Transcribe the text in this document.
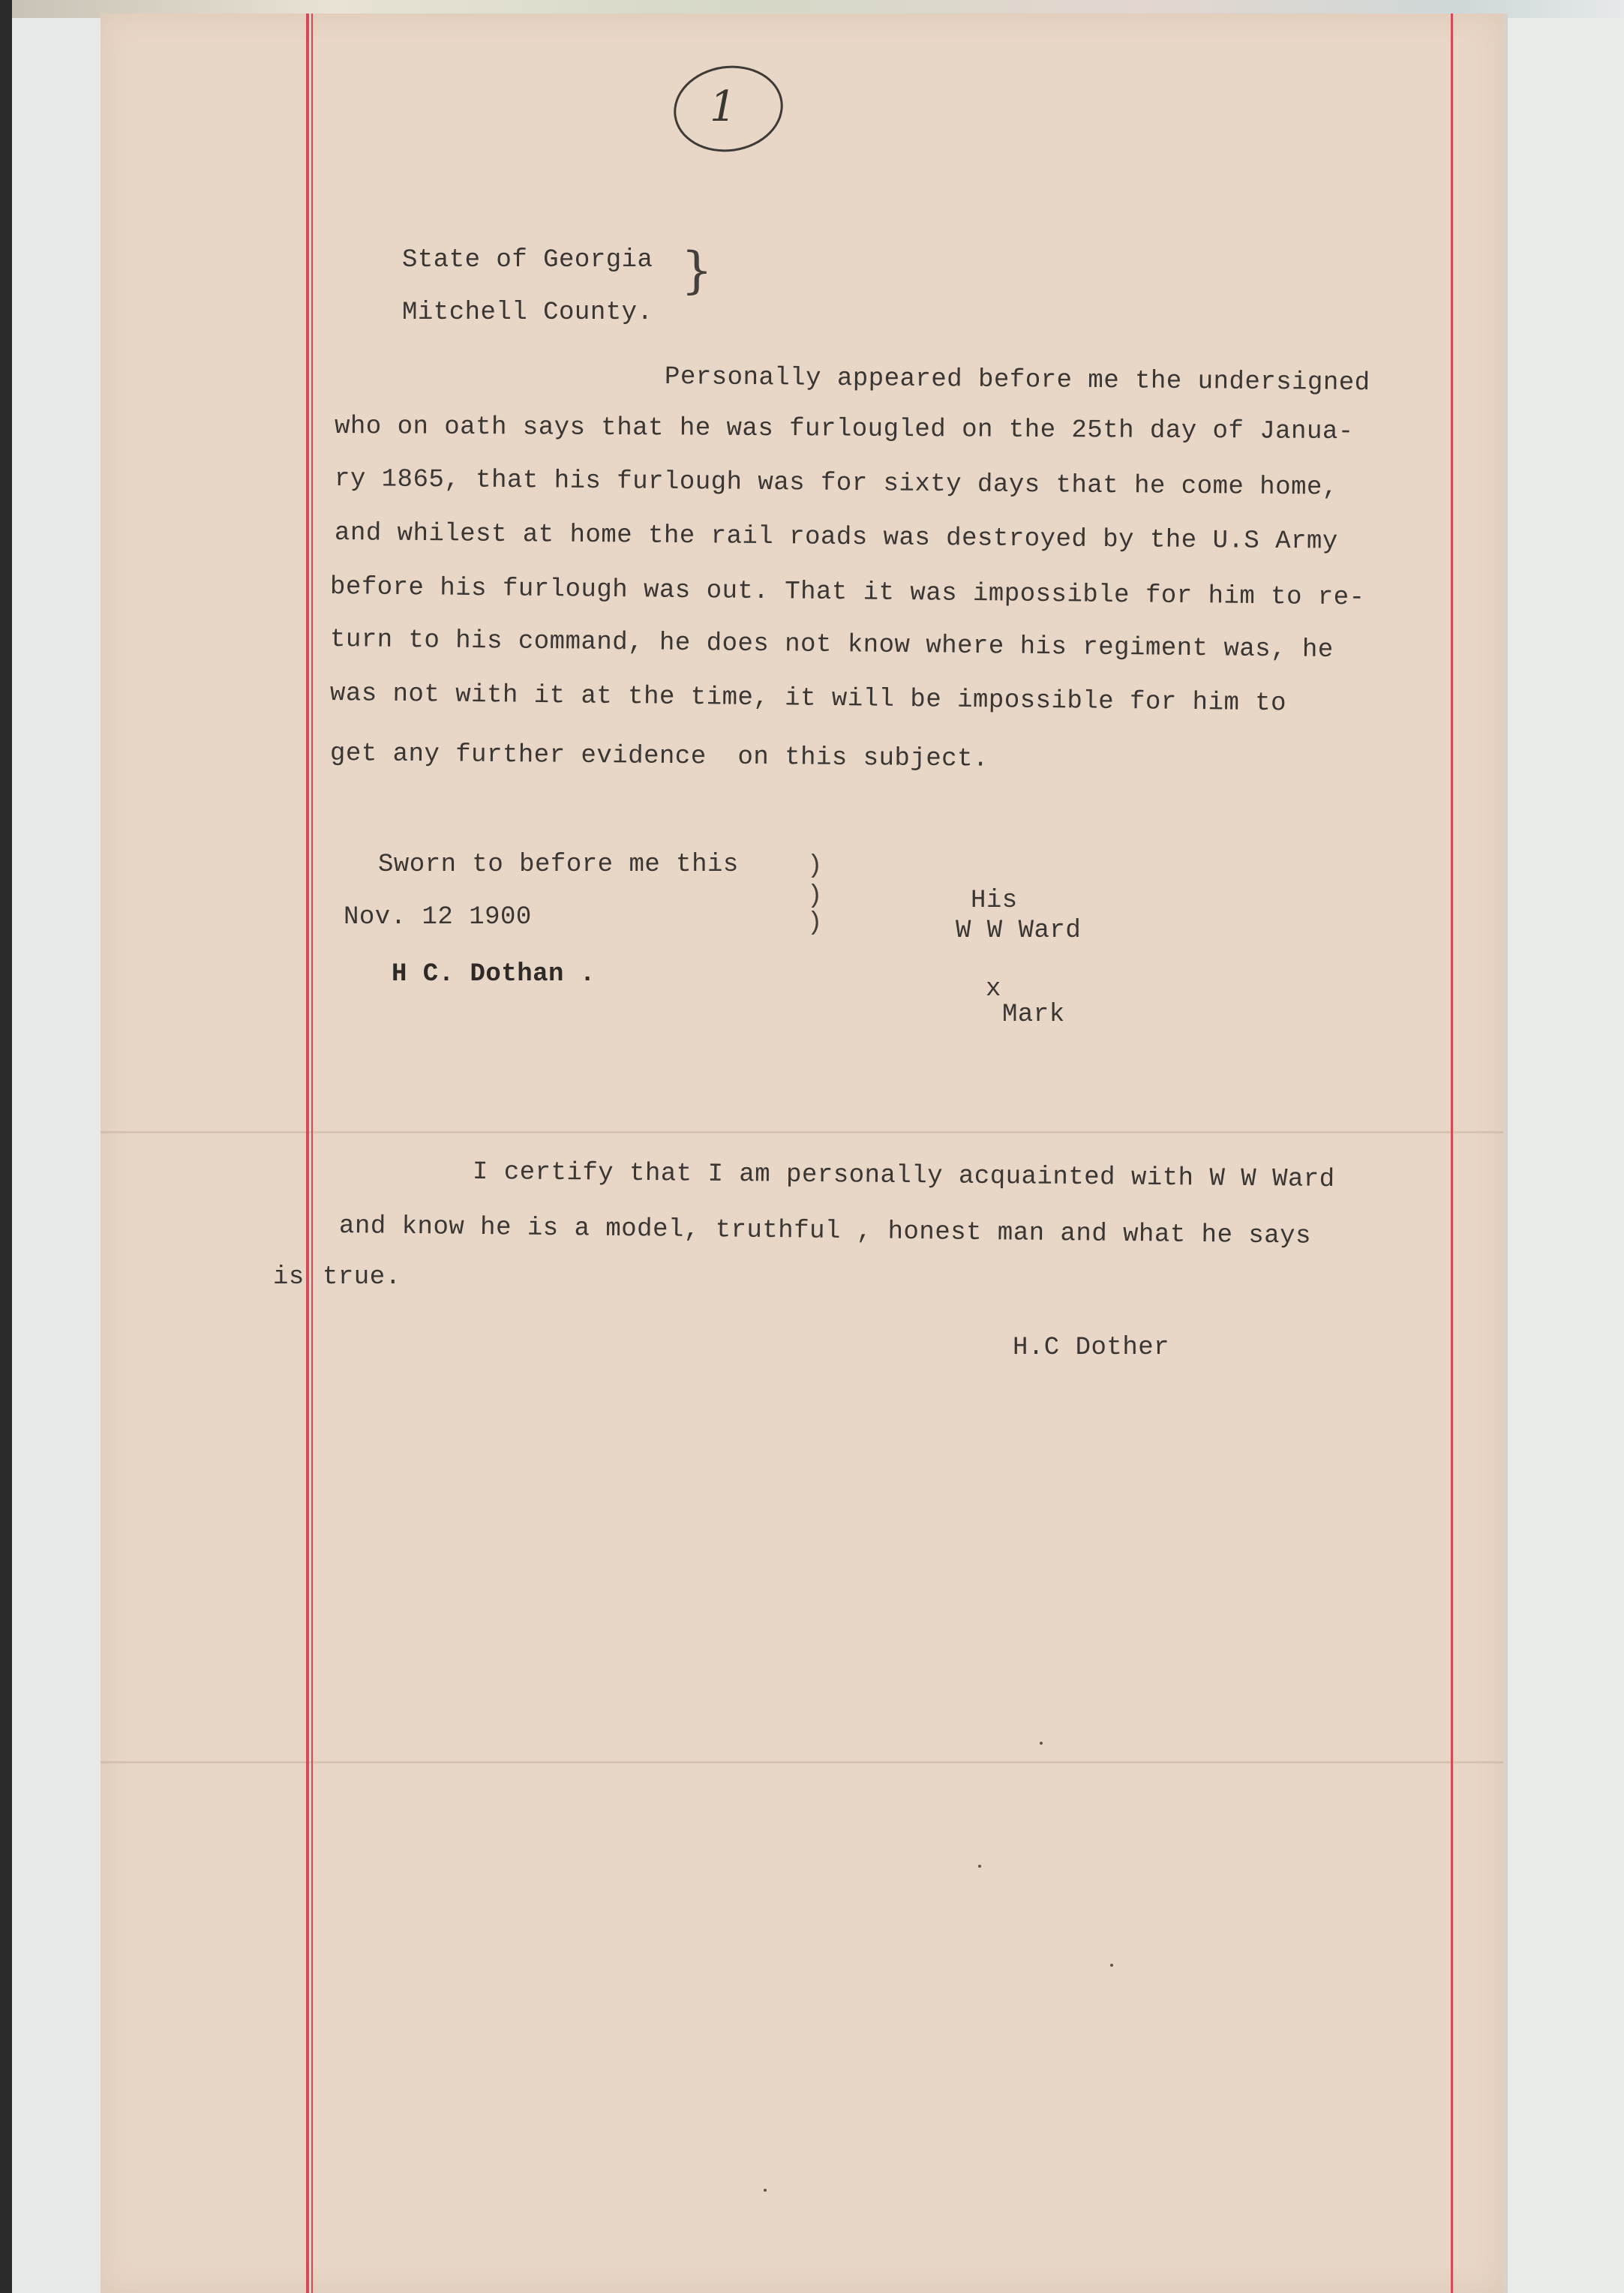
1
State of Georgia
Mitchell County.
}
Personally appeared before me the undersigned
who on oath says that he was furlougled on the 25th day of Janua-
ry 1865, that his furlough was for sixty days that he come home,
and whilest at home the rail roads was destroyed by the U.S Army
before his furlough was out. That it was impossible for him to re-
turn to his command, he does not know where his regiment was, he
was not with it at the time, it will be impossible for him to
get any further evidence  on this subject.
Sworn to before me this
Nov. 12 1900
H C. Dothan .
)
)
)
His
W W Ward
x
Mark
I certify that I am personally acquainted with W W Ward
and know he is a model, truthful , honest man and what he says
is true.
H.C Dother
